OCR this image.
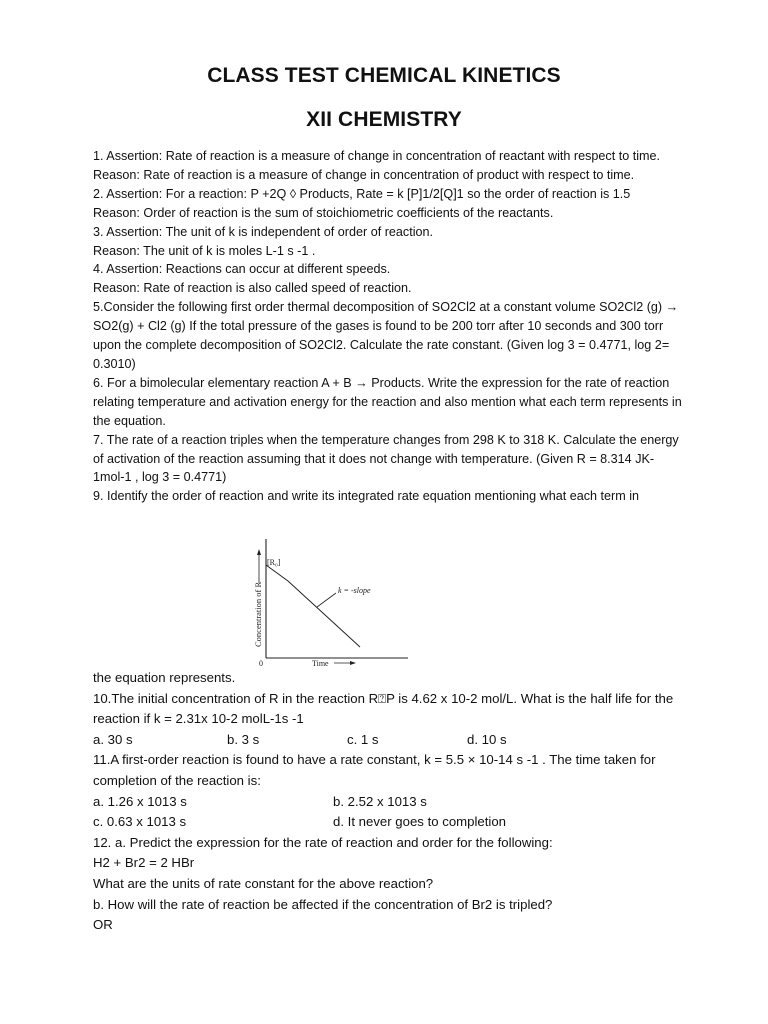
CLASS TEST CHEMICAL KINETICS
XII CHEMISTRY
1. Assertion: Rate of reaction is a measure of change in concentration of reactant with respect to time.
Reason: Rate of reaction is a measure of change in concentration of product with respect to time.
2. Assertion: For a reaction: P +2Q ◊ Products, Rate = k [P]1/2[Q]1 so the order of reaction is 1.5
Reason: Order of reaction is the sum of stoichiometric coefficients of the reactants.
3. Assertion: The unit of k is independent of order of reaction.
Reason: The unit of k is moles L-1 s -1 .
4. Assertion: Reactions can occur at different speeds.
Reason: Rate of reaction is also called speed of reaction.
5.Consider the following first order thermal decomposition of SO2Cl2 at a constant volume SO2Cl2 (g) → SO2(g) + Cl2 (g) If the total pressure of the gases is found to be 200 torr after 10 seconds and 300 torr upon the complete decomposition of SO2Cl2. Calculate the rate constant. (Given log 3 = 0.4771, log 2= 0.3010)
6. For a bimolecular elementary reaction A + B → Products. Write the expression for the rate of reaction relating temperature and activation energy for the reaction and also mention what each term represents in the equation.
7. The rate of a reaction triples when the temperature changes from 298 K to 318 K. Calculate the energy of activation of the reaction assuming that it does not change with temperature. (Given R = 8.314 JK-1mol-1 , log 3 = 0.4771)
9. Identify the order of reaction and write its integrated rate equation mentioning what each term in
Concentration of R
[R₀]
k = -slope
0	Time
the equation represents.
10.The initial concentration of R in the reaction R⍰P is 4.62 x 10-2 mol/L. What is the half life for the reaction if k = 2.31x 10-2 molL-1s -1
a. 30 s	b. 3 s	c. 1 s	d. 10 s
11.A first-order reaction is found to have a rate constant, k = 5.5 × 10-14 s -1 . The time taken for completion of the reaction is:
a. 1.26 x 1013 s	b. 2.52 x 1013 s
c. 0.63 x 1013 s	d. It never goes to completion
12. a. Predict the expression for the rate of reaction and order for the following:
H2 + Br2 = 2 HBr
What are the units of rate constant for the above reaction?
b. How will the rate of reaction be affected if the concentration of Br2 is tripled?
OR
